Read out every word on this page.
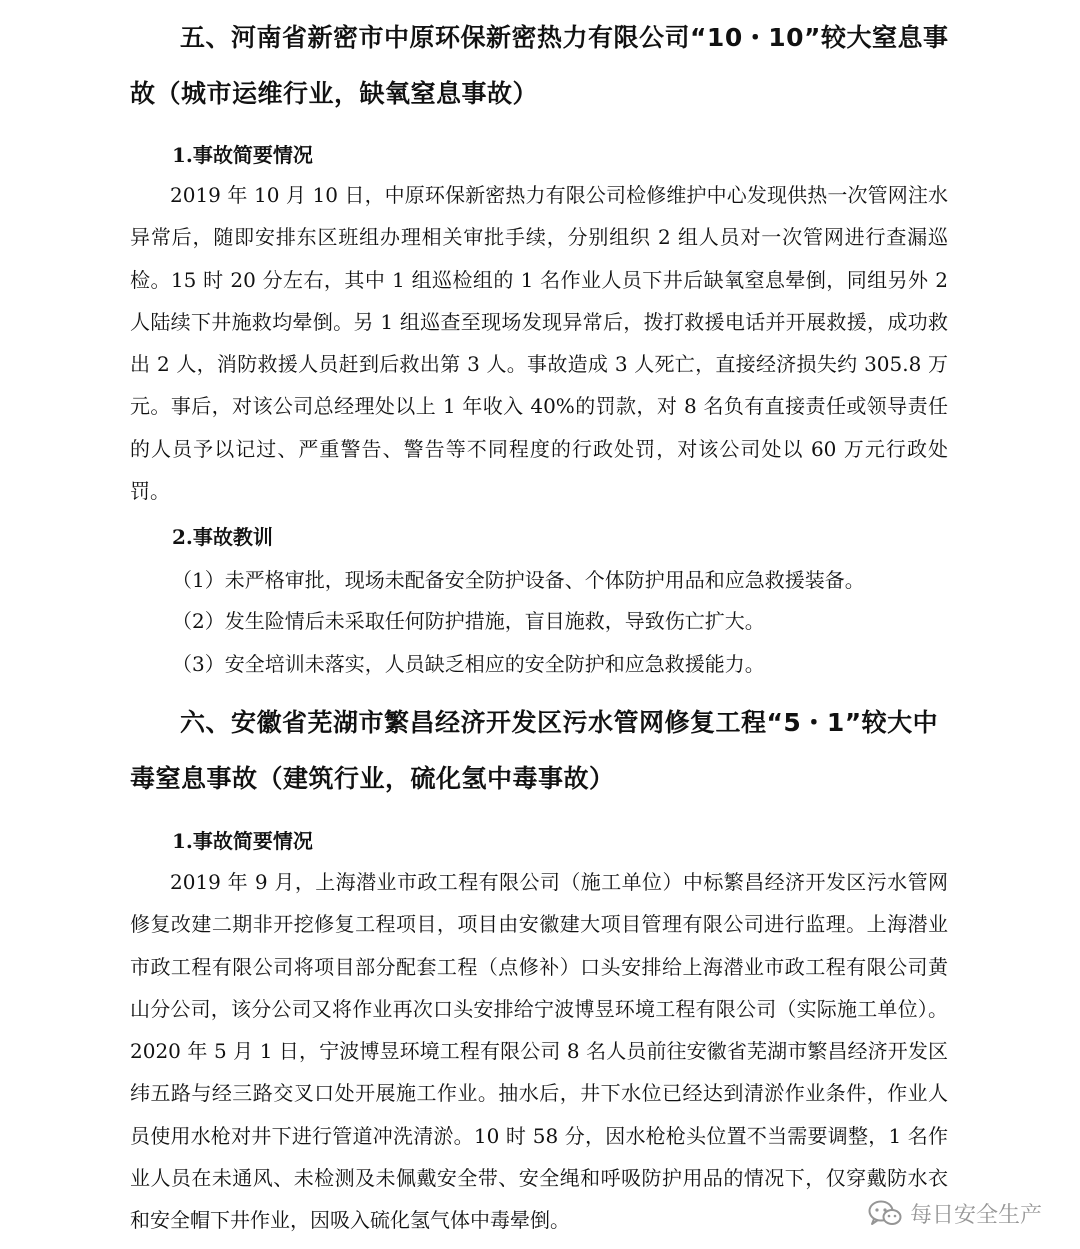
五、河南省新密市中原环保新密热力有限公司“10・10”较大窒息事
故（城市运维行业，缺氧窒息事故）
1.事故简要情况

2019 年 10 月 10 日，中原环保新密热力有限公司检修维护中心发现供热一次管网注水异常后，随即安排东区班组办理相关审批手续，分别组织 2 组人员对一次管网进行查漏巡检。15 时 20 分左右，其中 1 组巡检组的 1 名作业人员下井后缺氧窒息晕倒，同组另外 2 人陆续下井施救均晕倒。另 1 组巡查至现场发现异常后，拨打救援电话并开展救援，成功救出 2 人，消防救援人员赶到后救出第 3 人。事故造成 3 人死亡，直接经济损失约 305.8 万元。事后，对该公司总经理处以上 1 年收入 40%的罚款，对 8 名负有直接责任或领导责任的人员予以记过、严重警告、警告等不同程度的行政处罚，对该公司处以 60 万元行政处罚。

2.事故教训

（1）未严格审批，现场未配备安全防护设备、个体防护用品和应急救援装备。

（2）发生险情后未采取任何防护措施，盲目施救，导致伤亡扩大。

（3）安全培训未落实，人员缺乏相应的安全防护和应急救援能力。

六、安徽省芜湖市繁昌经济开发区污水管网修复工程“5・1”较大中
毒窒息事故（建筑行业，硫化氢中毒事故）
1.事故简要情况

2019 年 9 月，上海潜业市政工程有限公司（施工单位）中标繁昌经济开发区污水管网修复改建二期非开挖修复工程项目，项目由安徽建大项目管理有限公司进行监理。上海潜业市政工程有限公司将项目部分配套工程（点修补）口头安排给上海潜业市政工程有限公司黄山分公司，该分公司又将作业再次口头安排给宁波博昱环境工程有限公司（实际施工单位）。2020 年 5 月 1 日，宁波博昱环境工程有限公司 8 名人员前往安徽省芜湖市繁昌经济开发区纬五路与经三路交叉口处开展施工作业。抽水后，井下水位已经达到清淤作业条件，作业人员使用水枪对井下进行管道冲洗清淤。10 时 58 分，因水枪枪头位置不当需要调整，1 名作业人员在未通风、未检测及未佩戴安全带、安全绳和呼吸防护用品的情况下，仅穿戴防水衣和安全帽下井作业，因吸入硫化氢气体中毒晕倒。	每日安全生产
